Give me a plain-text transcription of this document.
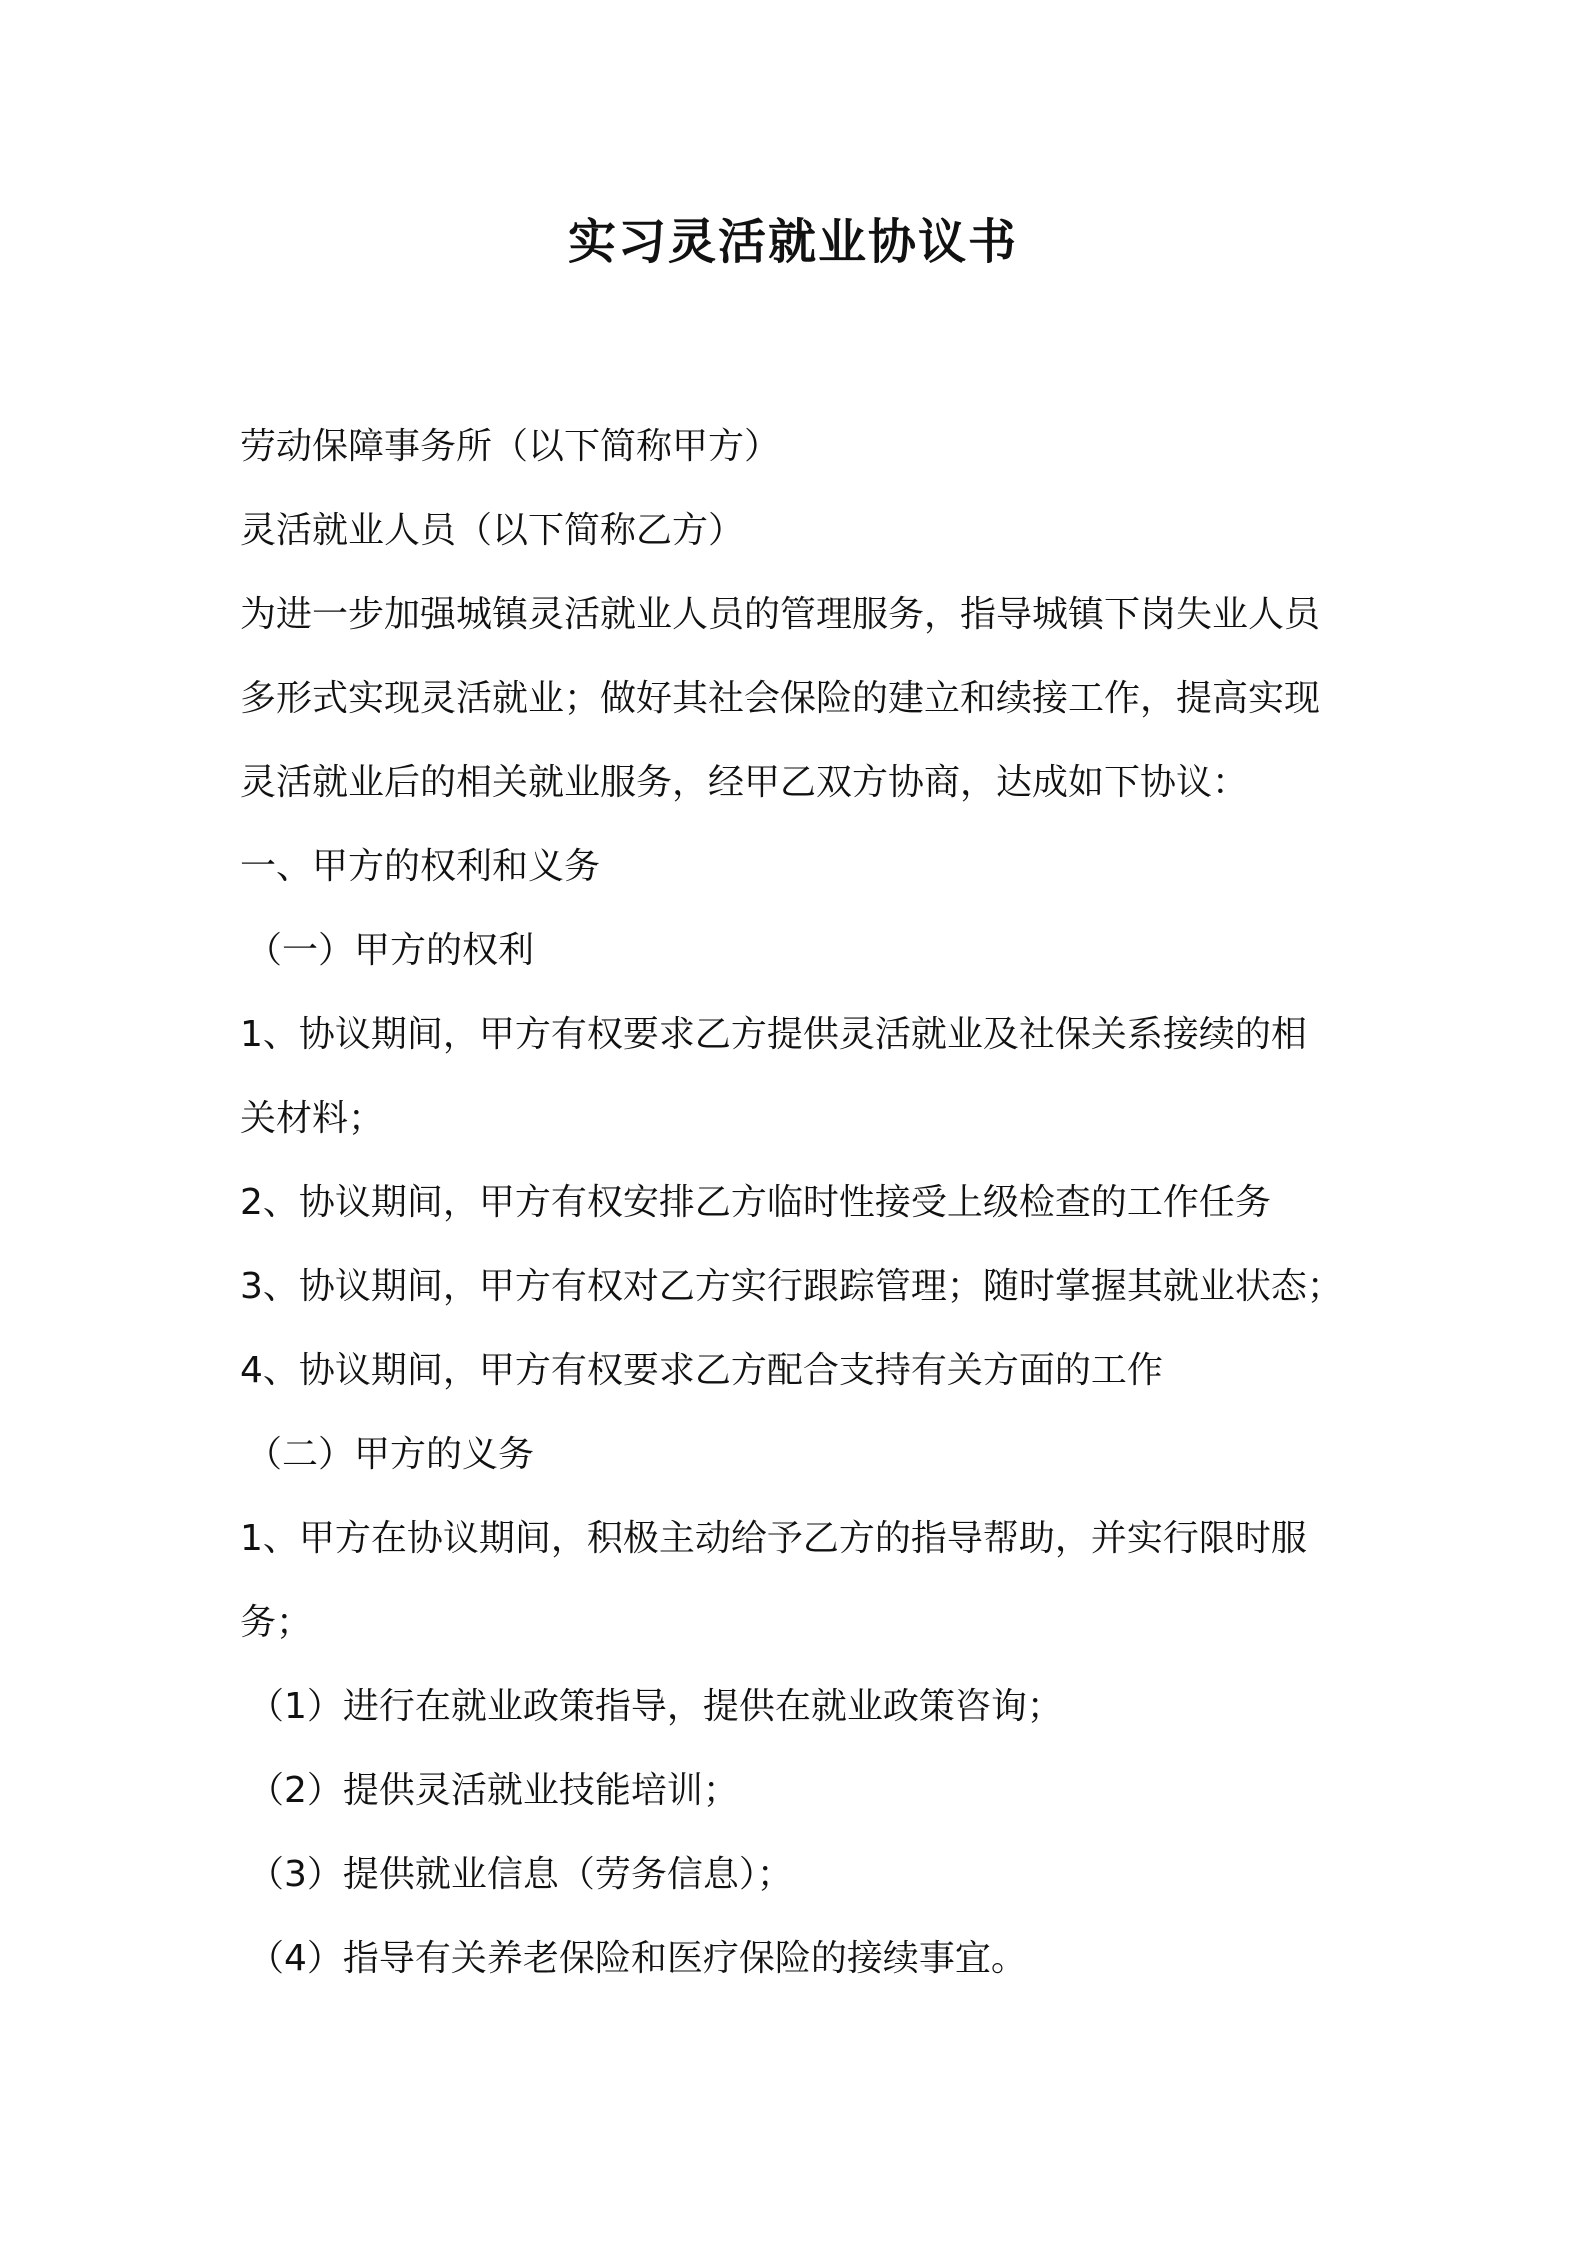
实习灵活就业协议书
劳动保障事务所（以下简称甲方）
灵活就业人员（以下简称乙方）
为进一步加强城镇灵活就业人员的管理服务，指导城镇下岗失业人员
多形式实现灵活就业；做好其社会保险的建立和续接工作，提高实现
灵活就业后的相关就业服务，经甲乙双方协商，达成如下协议：
一、甲方的权利和义务
（一）甲方的权利
1、协议期间，甲方有权要求乙方提供灵活就业及社保关系接续的相
关材料；
2、协议期间，甲方有权安排乙方临时性接受上级检查的工作任务
3、协议期间，甲方有权对乙方实行跟踪管理；随时掌握其就业状态；
4、协议期间，甲方有权要求乙方配合支持有关方面的工作
（二）甲方的义务
1、甲方在协议期间，积极主动给予乙方的指导帮助，并实行限时服
务；
（1）进行在就业政策指导，提供在就业政策咨询；
（2）提供灵活就业技能培训；
（3）提供就业信息（劳务信息）；
（4）指导有关养老保险和医疗保险的接续事宜。
